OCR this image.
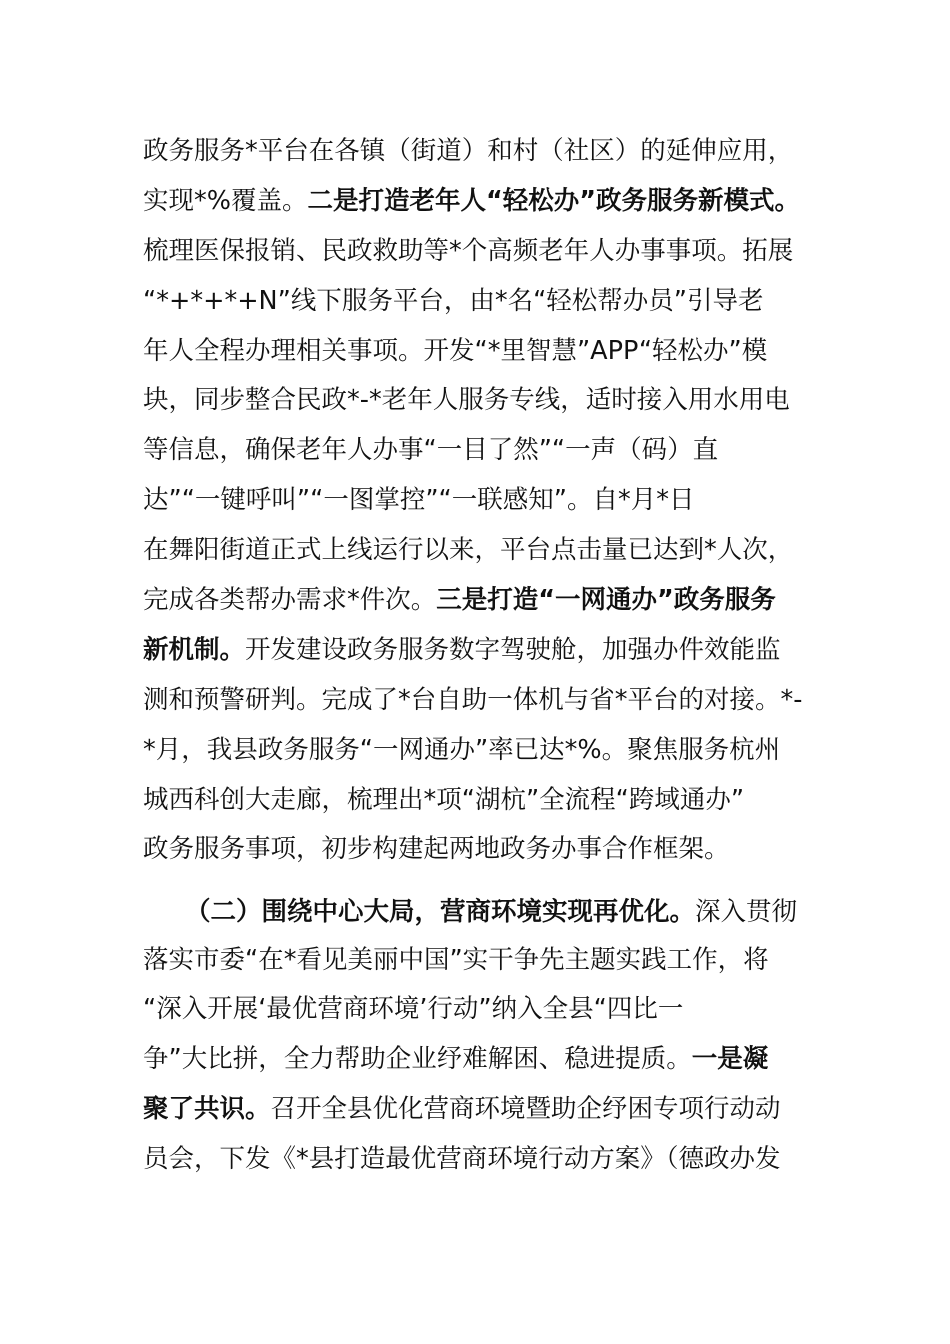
政务服务*平台在各镇（街道）和村（社区）的延伸应用，
实现*%覆盖。二是打造老年人“轻松办”政务服务新模式。
梳理医保报销、民政救助等*个高频老年人办事事项。拓展
“*+*+*+N”线下服务平台，由*名“轻松帮办员”引导老
年人全程办理相关事项。开发“*里智慧”APP“轻松办”模
块，同步整合民政*-*老年人服务专线，适时接入用水用电
等信息，确保老年人办事“一目了然”“一声（码）直
达”“一键呼叫”“一图掌控”“一联感知”。自*月*日
在舞阳街道正式上线运行以来，平台点击量已达到*人次，
完成各类帮办需求*件次。三是打造“一网通办”政务服务
新机制。开发建设政务服务数字驾驶舱，加强办件效能监
测和预警研判。完成了*台自助一体机与省*平台的对接。*-
*月，我县政务服务“一网通办”率已达*%。聚焦服务杭州
城西科创大走廊，梳理出*项“湖杭”全流程“跨域通办”
政务服务事项，初步构建起两地政务办事合作框架。
（二）围绕中心大局，营商环境实现再优化。深入贯彻
落实市委“在*看见美丽中国”实干争先主题实践工作，将
“深入开展‘最优营商环境’行动”纳入全县“四比一
争”大比拼，全力帮助企业纾难解困、稳进提质。一是凝
聚了共识。召开全县优化营商环境暨助企纾困专项行动动
员会，下发《*县打造最优营商环境行动方案》（德政办发
